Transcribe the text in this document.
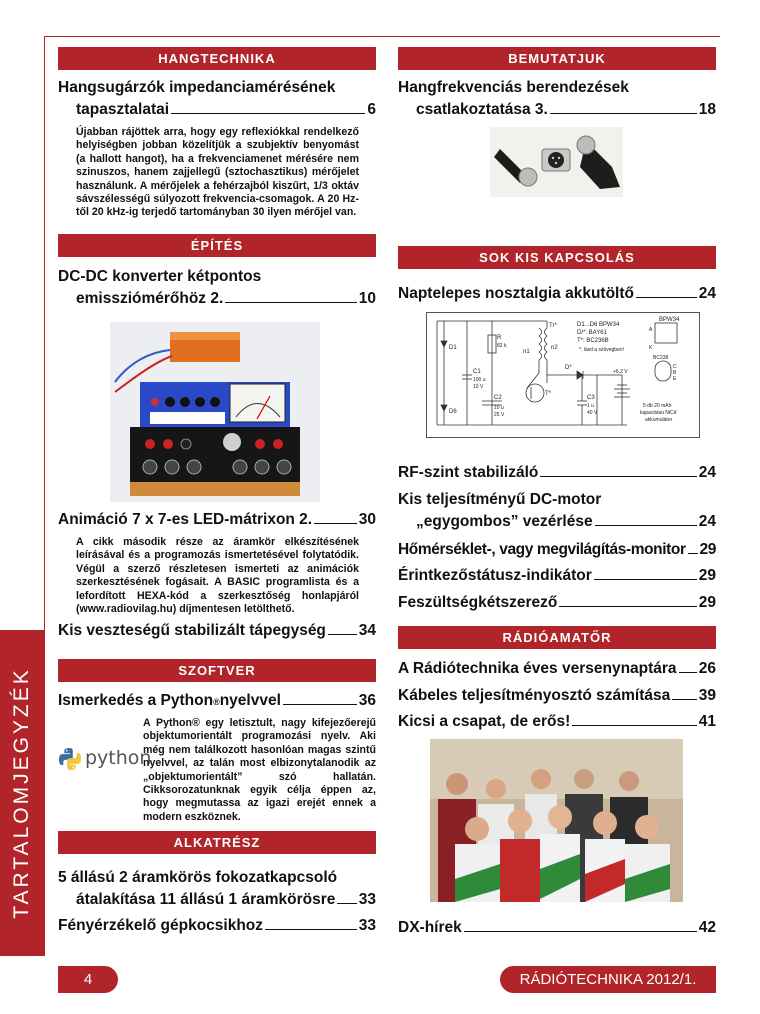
TARTALOMJEGYZÉK
HANGTECHNIKA
Hangsugárzók impedanciamérésének
tapasztalatai	6
Újabban rájöttek arra, hogy egy reflexiókkal rendelkező helyiségben jobban közelítjük a szubjektív benyomást (a hallott hangot), ha a frekvenciamenet mérésére nem szinuszos, hanem zajjellegű (sztochasztikus) mérőjelet használunk. A mérőjelek a fehérzajból kiszűrt, 1/3 oktáv sávszélességű súlyozott frekvencia-csomagok. A 20 Hz-től 20 kHz-ig terjedő tartományban 30 ilyen mérőjel van.
ÉPÍTÉS
DC-DC konverter kétpontos
emissziómérőhöz 2.	10
Animáció 7 x 7-es LED-mátrixon 2.	30
A cikk második része az áramkör elkészítésének leírásával és a programozás ismertetésével folytatódik. Végül a szerző részletesen ismerteti az animációk szerkesztésének fogásait. A BASIC programlista és a lefordított HEXA-kód a szerkesztőség honlapjáról (www.radiovilag.hu) díjmentesen letölthető.
Kis veszteségű stabilizált tápegység 34
SZOFTVER
Ismerkedés a Python ® nyelvvel	36
python
A Python® egy letisztult, nagy kifejezőerejű objektumorientált programozási nyelv. Aki még nem találkozott hasonlóan magas szintű nyelvvel, az talán most elbizonytalanodik az „objektumorientált” szó hallatán. Cikksorozatunknak egyik célja éppen az, hogy megmutassa az igazi erejét ennek a modern eszköznek.
ALKATRÉSZ
5 állású 2 áramkörös fokozatkapcsoló
átalakítása 11 állású 1 áramkörösre 33
Fényérzékelő gépkocsikhoz	33
BEMUTATJUK
Hangfrekvenciás berendezések
csatlakoztatása 3.	18
SOK KIS KAPCSOLÁS
Naptelepes nosztalgia akkutöltő	24
D1...D6 BPW34
D/*: BAY61
T*: BC236B
*: lásd a szövegben!
BPW34
BC238
5 db 20 mAh
kapacitású NiCd
akkumulátor
R
82 k
C1
100 u
10 V
C2
10 u
25 V
C3
1 u
40 V
D1
D6
Tr*
n1
n2
D*
T*
+6,2 V
A
K
C
B
E
RF-szint stabilizáló	24
Kis teljesítményű DC-motor
„egygombos” vezérlése	24
Hőmérséklet-, vagy megvilágítás-monitor 29
Érintkezőstátusz-indikátor	29
Feszültségkétszerező	29
RÁDIÓAMATŐR
A Rádiótechnika éves versenynaptára 26
Kábeles teljesítményosztó számítása 39
Kicsi a csapat, de erős!	41
DX-hírek	42
4	RÁDIÓTECHNIKA 2012/1.
